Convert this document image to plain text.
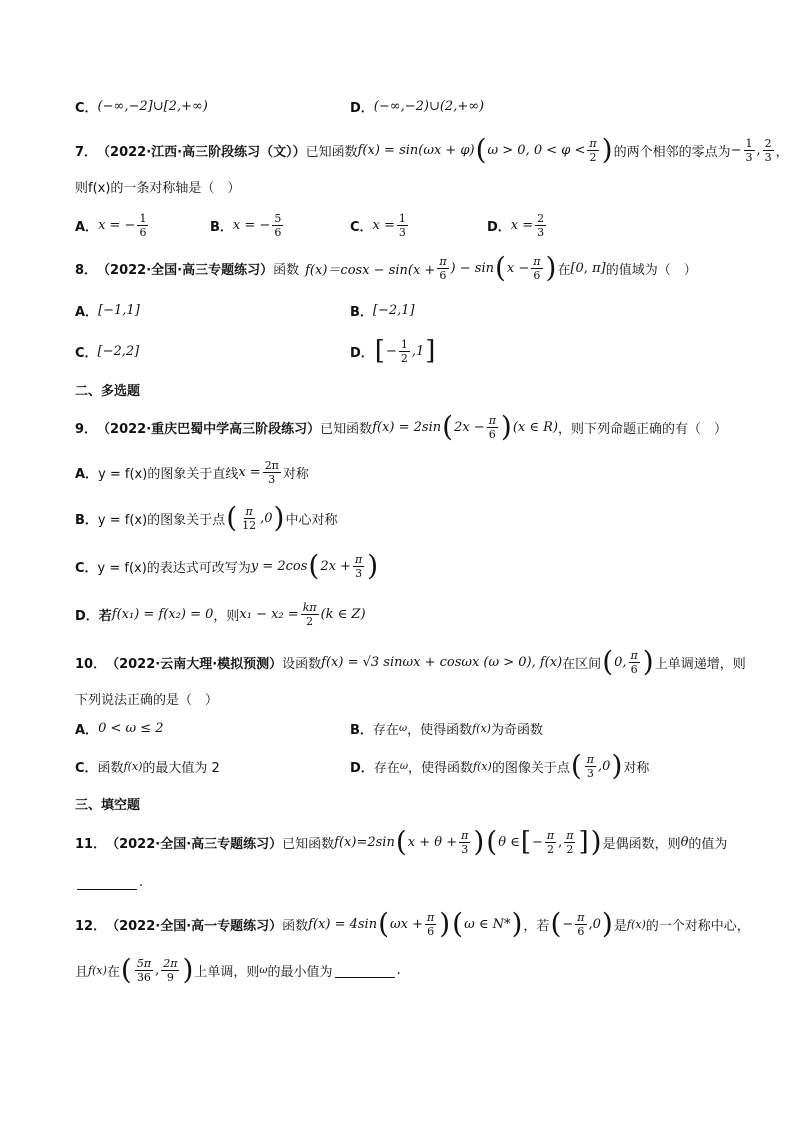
C． (−∞,−2]∪[2,+∞)	D． (−∞,−2)∪(2,+∞)
7． （2022·江西·高三阶段练习（文）） 已知函数 f(x) = sin(ωx + φ) ( ω > 0, $0 < \varphi < \frac{\pi}{2}$ ) 的两个相邻的零点为 − $\frac{1}{3}$ , $\frac{2}{3}$ ，
则f(x)的一条对称轴是（　）
A． x = − $\frac{1}{6}$	B． x = − $\frac{5}{6}$	C． $x = \frac{1}{3}$	D． $x = \frac{2}{3}$
8． （2022·全国·高三专题练习） 函数 $f(x)=\cos x - \sin(x + \frac{\pi}{6}$ ) − sin ( $x - \frac{\pi}{6}$ ) 在 [0, π] 的值域为（　）
A． [−1,1]	B． [−2,1]
C． [−2,2]	D． [ − $\frac{1}{2} ,1$ ]
二、多选题
9． （2022·重庆巴蜀中学高三阶段练习） 已知函数 f(x) = 2sin ( $2x - \frac{\pi}{6}$ ) (x ∈ R) ，则下列命题正确的有（　）
A． y = f(x)的图象关于直线 $x = \frac{2\pi}{3}$ 对称
B． y = f(x)的图象关于点 ( $\frac{\pi}{12} ,0$ ) 中心对称
C． y = f(x)的表达式可改写为 y = 2cos ( $2x + \frac{\pi}{3}$ )
D．若 f(x₁) = f(x₂) = 0 ，则 $x_1 - x_2 = \frac{k\pi}{2} (k$ ∈ Z)
10． （2022·云南大理·模拟预测） 设函数 f(x) = √3 sinωx + cosωx (ω > 0), f(x) 在区间 ( 0, $\frac{\pi}{6}$ ) 上单调递增，则
下列说法正确的是（　）
A． 0 < ω ≤ 2	B． 存在 ω ，使得函数 f(x) 为奇函数
C． 函数 f(x) 的最大值为 2	D． 存在 ω ，使得函数 f(x) 的图像关于点 ( $\frac{\pi}{3} ,0$ ) 对称
三、填空题
11． （2022·全国·高三专题练习） 已知函数 f(x)=2sin ( $x + \theta + \frac{\pi}{3}$ ) ( θ ∈ [ − $\frac{\pi}{2}$ , $\frac{\pi}{2}$ ] ) 是偶函数，则 θ 的值为
.
12． （2022·全国·高一专题练习） 函数 f(x) = 4sin ( $\omega x + \frac{\pi}{6}$ ) ( ω ∈ N* ) ，若 ( − $\frac{\pi}{6} ,0$ ) 是 f(x) 的一个对称中心，
且 f(x) 在 ( $\frac{5\pi}{36}$ , $\frac{2\pi}{9}$ ) 上单调，则 ω 的最小值为	.
